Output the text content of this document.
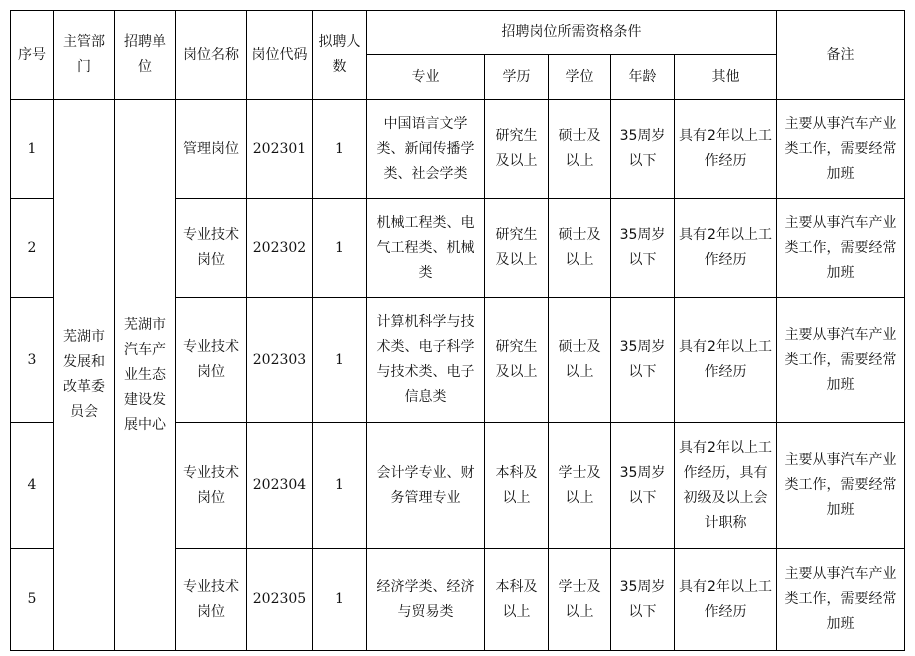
序号	主管部门	招聘单位	岗位名称	岗位代码	拟聘人数	招聘岗位所需资格条件					备注
						专业	学历	学位	年龄	其他	
1	芜湖市发展和改革委员会	芜湖市汽车产业生态建设发展中心	管理岗位	202301	1	中国语言文学类、新闻传播学类、社会学类	研究生及以上	硕士及以上	35周岁以下	具有2年以上工作经历	主要从事汽车产业类工作，需要经常加班
2			专业技术岗位	202302	1	机械工程类、电气工程类、机械类	研究生及以上	硕士及以上	35周岁以下	具有2年以上工作经历	主要从事汽车产业类工作，需要经常加班
3			专业技术岗位	202303	1	计算机科学与技术类、电子科学与技术类、电子信息类	研究生及以上	硕士及以上	35周岁以下	具有2年以上工作经历	主要从事汽车产业类工作，需要经常加班
4			专业技术岗位	202304	1	会计学专业、财务管理专业	本科及以上	学士及以上	35周岁以下	具有2年以上工作经历，具有初级及以上会计职称	主要从事汽车产业类工作，需要经常加班
5			专业技术岗位	202305	1	经济学类、经济与贸易类	本科及以上	学士及以上	35周岁以下	具有2年以上工作经历	主要从事汽车产业类工作，需要经常加班
